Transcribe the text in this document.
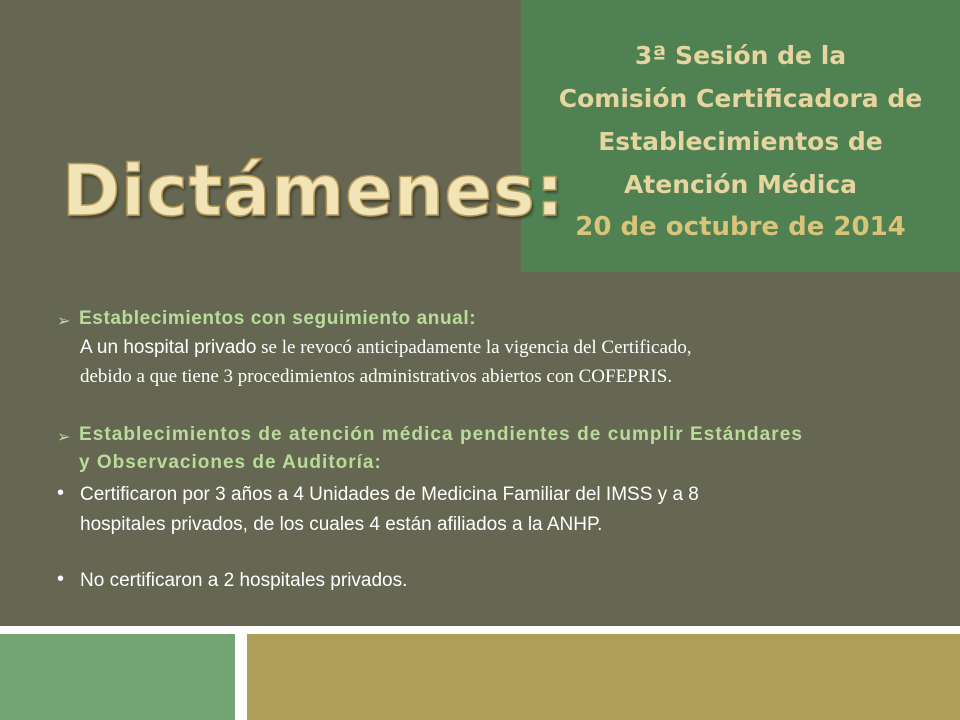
3ª Sesión de la
Comisión Certificadora de
Establecimientos de
Atención Médica
20 de octubre de 2014
Dictámenes:
➢ Establecimientos con seguimiento anual:
A un hospital privado se le revocó anticipadamente la vigencia del Certificado,
debido a que tiene 3 procedimientos administrativos abiertos con COFEPRIS.
➢ Establecimientos de atención médica pendientes de cumplir Estándares
y Observaciones de Auditoría:
• Certificaron por 3 años a 4 Unidades de Medicina Familiar del IMSS y a 8
hospitales privados, de los cuales 4 están afiliados a la ANHP.
• No certificaron a 2 hospitales privados.
